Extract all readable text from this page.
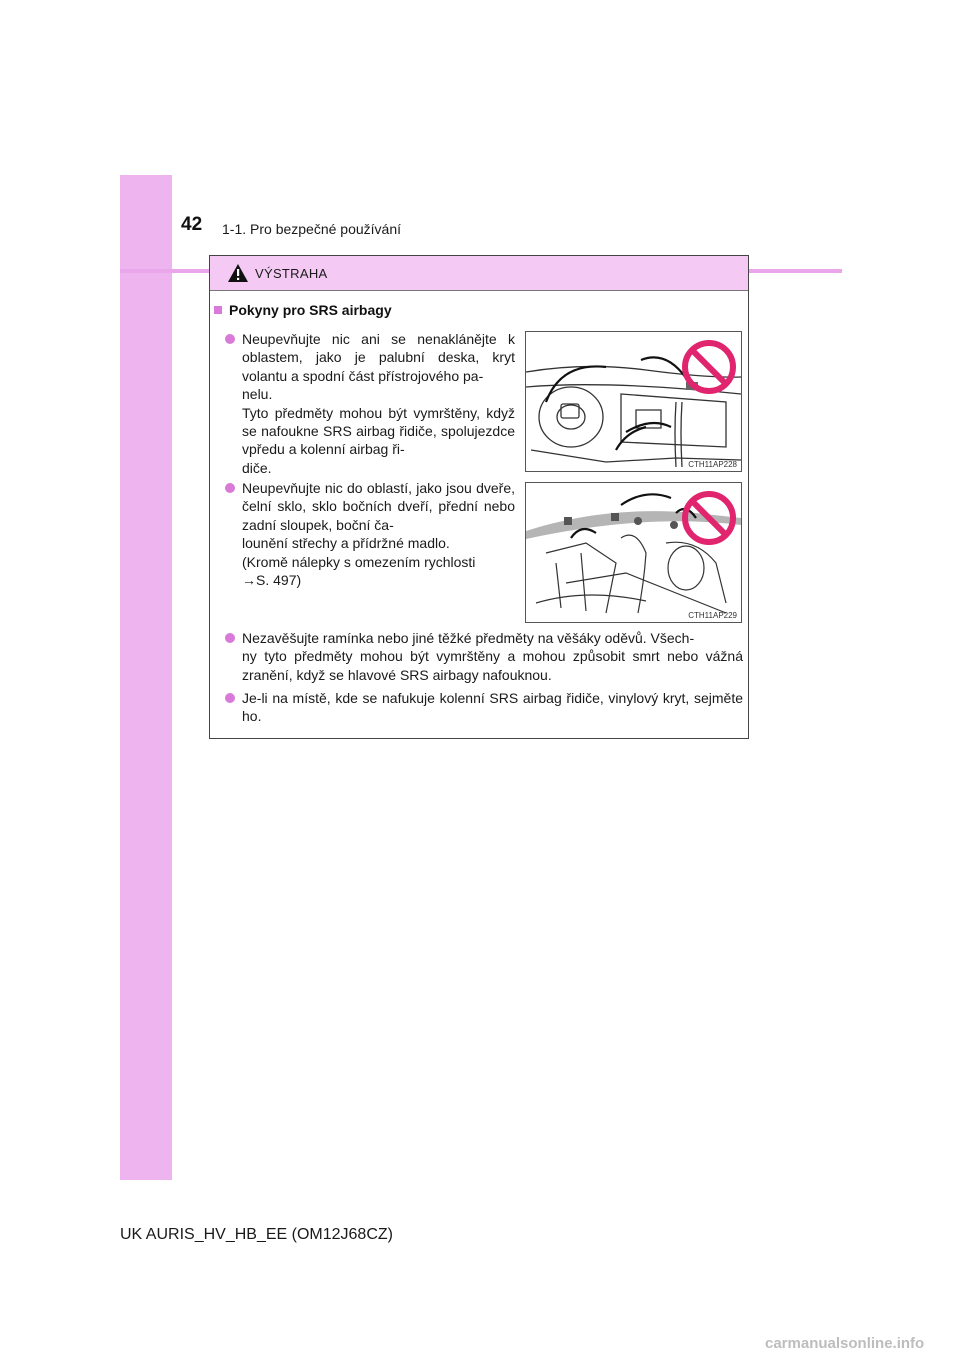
42 1-1. Pro bezpečné používání
VÝSTRAHA
Pokyny pro SRS airbagy
Neupevňujte nic ani se nenaklánějte k oblastem, jako je palubní deska, kryt volantu a spodní část přístrojového pa-
nelu.
Tyto předměty mohou být vymrštěny, když se nafoukne SRS airbag řidiče, spolujezdce vpředu a kolenní airbag ři-
diče.
Neupevňujte nic do oblastí, jako jsou dveře, čelní sklo, sklo bočních dveří, přední nebo zadní sloupek, boční ča-
lounění střechy a přídržné madlo.
(Kromě nálepky s omezením rychlosti
→S. 497)
Nezavěšujte ramínka nebo jiné těžké předměty na věšáky oděvů. Všech-
ny tyto předměty mohou být vymrštěny a mohou způsobit smrt nebo vážná zranění, když se hlavové SRS airbagy nafouknou.
Je-li na místě, kde se nafukuje kolenní SRS airbag řidiče, vinylový kryt, sejměte ho.
CTH11AP228
CTH11AP229
UK AURIS_HV_HB_EE (OM12J68CZ)
carmanualsonline.info
